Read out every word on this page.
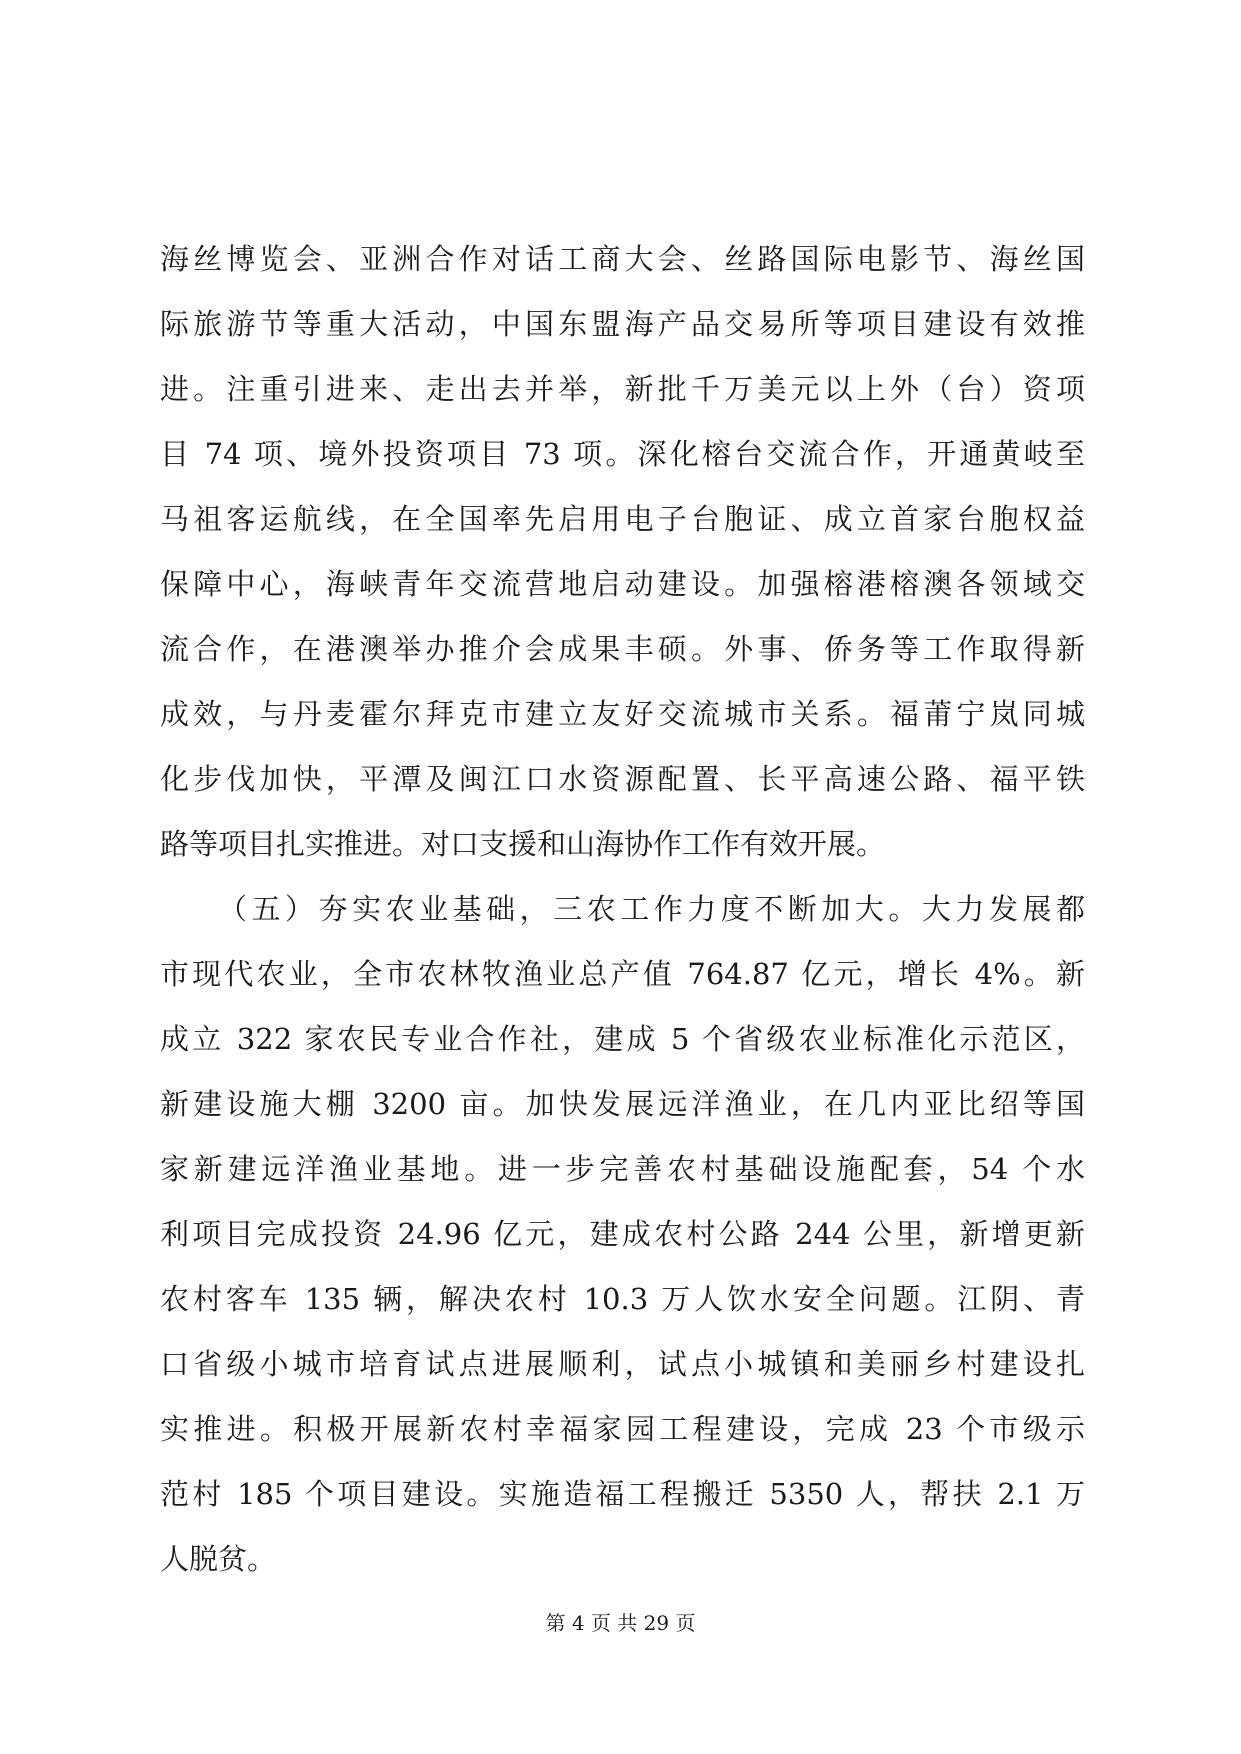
海丝博览会、亚洲合作对话工商大会、丝路国际电影节、海丝国
际旅游节等重大活动，中国东盟海产品交易所等项目建设有效推
进。注重引进来、走出去并举，新批千万美元以上外（台）资项
目 74 项、境外投资项目 73 项。深化榕台交流合作，开通黄岐至
马祖客运航线，在全国率先启用电子台胞证、成立首家台胞权益
保障中心，海峡青年交流营地启动建设。加强榕港榕澳各领域交
流合作，在港澳举办推介会成果丰硕。外事、侨务等工作取得新
成效，与丹麦霍尔拜克市建立友好交流城市关系。福莆宁岚同城
化步伐加快，平潭及闽江口水资源配置、长平高速公路、福平铁
路等项目扎实推进。对口支援和山海协作工作有效开展。
（五）夯实农业基础，三农工作力度不断加大。大力发展都
市现代农业，全市农林牧渔业总产值 764.87 亿元，增长 4%。新
成立 322 家农民专业合作社，建成 5 个省级农业标准化示范区，
新建设施大棚 3200 亩。加快发展远洋渔业，在几内亚比绍等国
家新建远洋渔业基地。进一步完善农村基础设施配套，54 个水
利项目完成投资 24.96 亿元，建成农村公路 244 公里，新增更新
农村客车 135 辆，解决农村 10.3 万人饮水安全问题。江阴、青
口省级小城市培育试点进展顺利，试点小城镇和美丽乡村建设扎
实推进。积极开展新农村幸福家园工程建设，完成 23 个市级示
范村 185 个项目建设。实施造福工程搬迁 5350 人，帮扶 2.1 万
人脱贫。
第 4 页 共 29 页
